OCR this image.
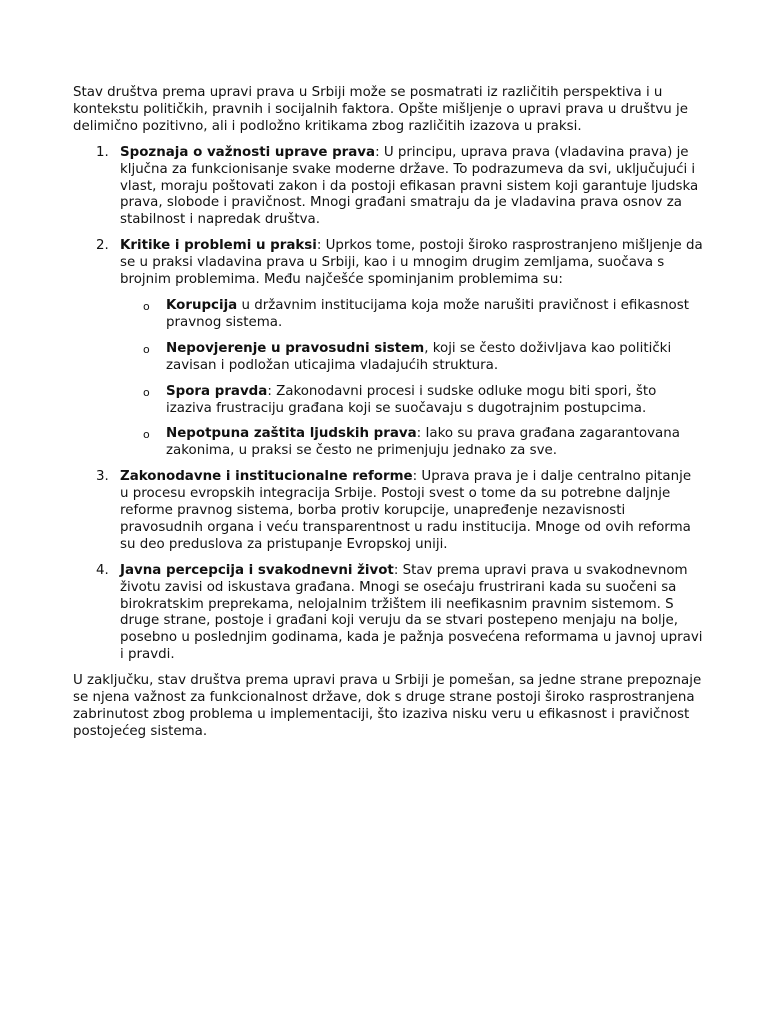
Stav društva prema upravi prava u Srbiji može se posmatrati iz različitih perspektiva i u kontekstu političkih, pravnih i socijalnih faktora. Opšte mišljenje o upravi prava u društvu je delimično pozitivno, ali i podložno kritikama zbog različitih izazova u praksi.

1. Spoznaja o važnosti uprave prava: U principu, uprava prava (vladavina prava) je ključna za funkcionisanje svake moderne države. To podrazumeva da svi, uključujući i vlast, moraju poštovati zakon i da postoji efikasan pravni sistem koji garantuje ljudska prava, slobode i pravičnost. Mnogi građani smatraju da je vladavina prava osnov za stabilnost i napredak društva.
2. Kritike i problemi u praksi: Uprkos tome, postoji široko rasprostranjeno mišljenje da se u praksi vladavina prava u Srbiji, kao i u mnogim drugim zemljama, suočava s brojnim problemima. Među najčešće spominjanim problemima su:
o Korupcija u državnim institucijama koja može narušiti pravičnost i efikasnost pravnog sistema.
o Nepovjerenje u pravosudni sistem, koji se često doživljava kao politički zavisan i podložan uticajima vladajućih struktura.
o Spora pravda: Zakonodavni procesi i sudske odluke mogu biti spori, što izaziva frustraciju građana koji se suočavaju s dugotrajnim postupcima.
o Nepotpuna zaštita ljudskih prava: Iako su prava građana zagarantovana zakonima, u praksi se često ne primenjuju jednako za sve.
3. Zakonodavne i institucionalne reforme: Uprava prava je i dalje centralno pitanje u procesu evropskih integracija Srbije. Postoji svest o tome da su potrebne daljnje reforme pravnog sistema, borba protiv korupcije, unapređenje nezavisnosti pravosudnih organa i veću transparentnost u radu institucija. Mnoge od ovih reforma su deo preduslova za pristupanje Evropskoj uniji.
4. Javna percepcija i svakodnevni život: Stav prema upravi prava u svakodnevnom životu zavisi od iskustava građana. Mnogi se osećaju frustrirani kada su suočeni sa birokratskim preprekama, nelojalnim tržištem ili neefikasnim pravnim sistemom. S druge strane, postoje i građani koji veruju da se stvari postepeno menjaju na bolje, posebno u poslednjim godinama, kada je pažnja posvećena reformama u javnoj upravi i pravdi.

U zaključku, stav društva prema upravi prava u Srbiji je pomešan, sa jedne strane prepoznaje se njena važnost za funkcionalnost države, dok s druge strane postoji široko rasprostranjena zabrinutost zbog problema u implementaciji, što izaziva nisku veru u efikasnost i pravičnost postojećeg sistema.
